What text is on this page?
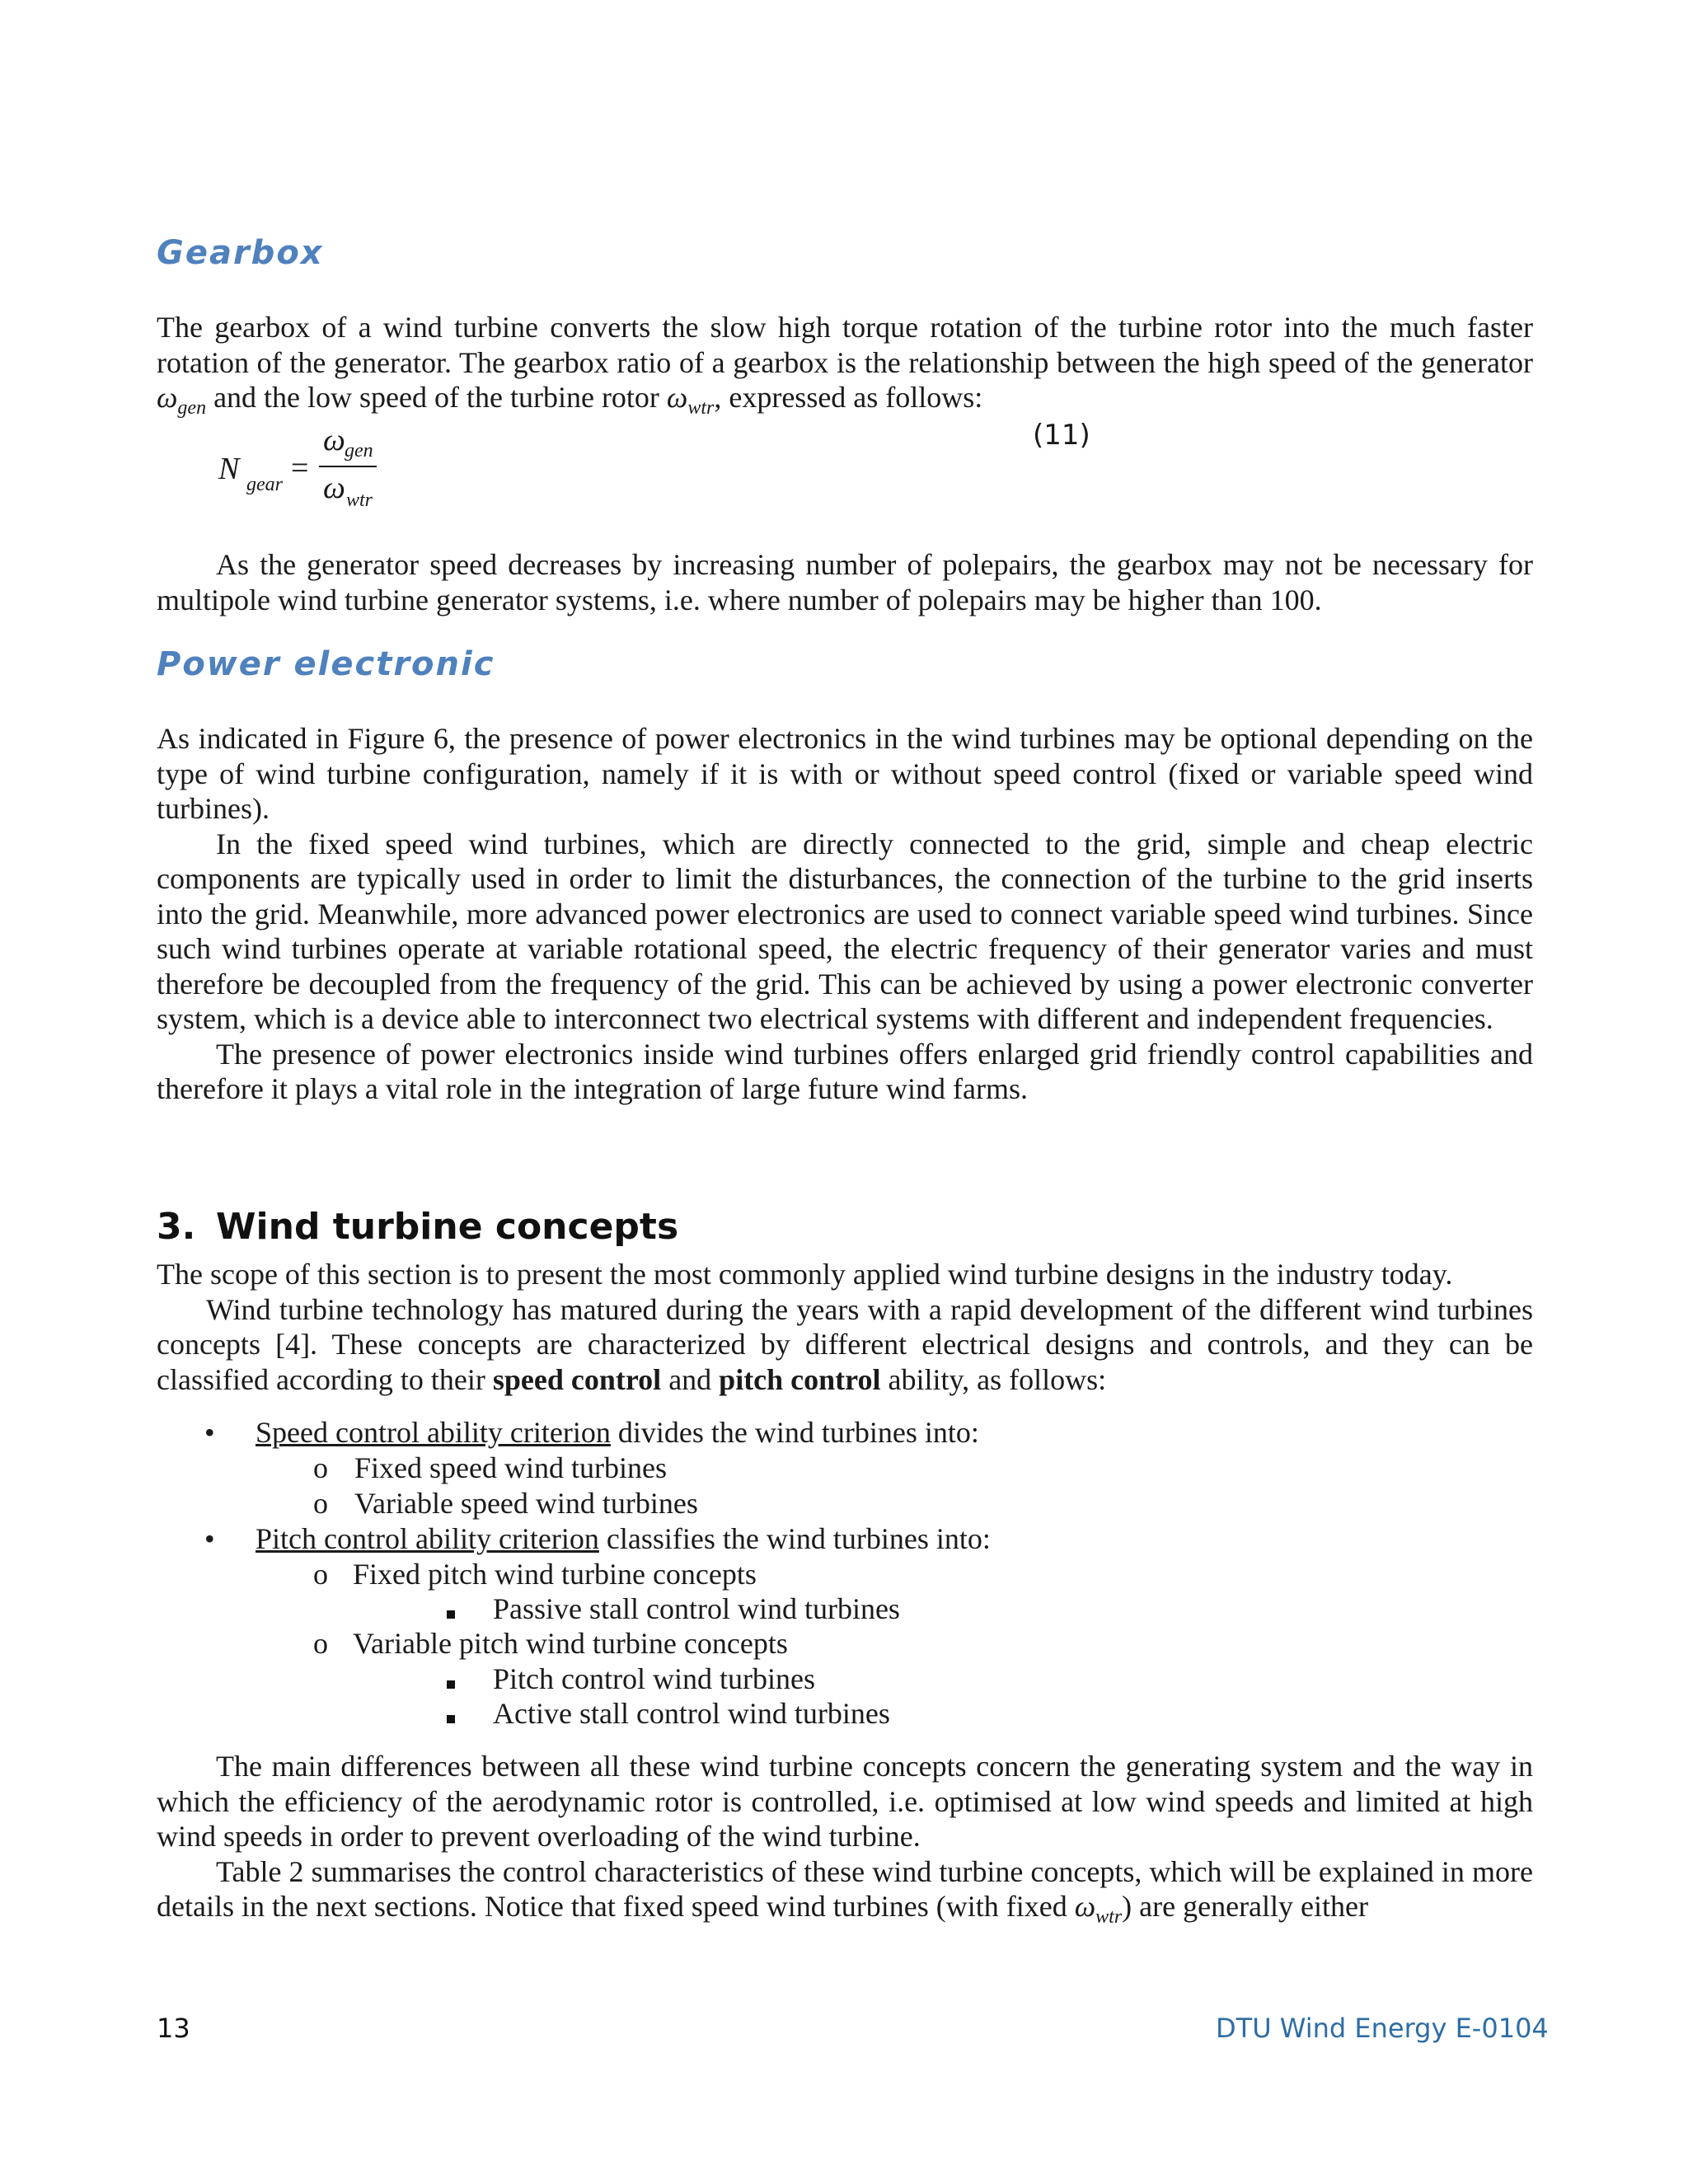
Gearbox

The gearbox of a wind turbine converts the slow high torque rotation of the turbine rotor into the much faster rotation of the generator. The gearbox ratio of a gearbox is the relationship between the high speed of the generator $\omega_{gen}$ and the low speed of the turbine rotor $\omega_{wtr}$, expressed as follows:

N gear =
ω gen
ω wtr
(11)

As the generator speed decreases by increasing number of polepairs, the gearbox may not be necessary for multipole wind turbine generator systems, i.e. where number of polepairs may be higher than 100.

Power electronic

As indicated in Figure 6, the presence of power electronics in the wind turbines may be optional depending on the type of wind turbine configuration, namely if it is with or without speed control (fixed or variable speed wind turbines).

In the fixed speed wind turbines, which are directly connected to the grid, simple and cheap electric components are typically used in order to limit the disturbances, the connection of the turbine to the grid inserts into the grid. Meanwhile, more advanced power electronics are used to connect variable speed wind turbines. Since such wind turbines operate at variable rotational speed, the electric frequency of their generator varies and must therefore be decoupled from the frequency of the grid. This can be achieved by using a power electronic converter system, which is a device able to interconnect two electrical systems with different and independent frequencies.

The presence of power electronics inside wind turbines offers enlarged grid friendly control capabilities and therefore it plays a vital role in the integration of large future wind farms.

3. Wind turbine concepts

The scope of this section is to present the most commonly applied wind turbine designs in the industry today.

Wind turbine technology has matured during the years with a rapid development of the different wind turbines concepts [4]. These concepts are characterized by different electrical designs and controls, and they can be classified according to their speed control and pitch control ability, as follows:

• Speed control ability criterion divides the wind turbines into:
o Fixed speed wind turbines
o Variable speed wind turbines
• Pitch control ability criterion classifies the wind turbines into:
o Fixed pitch wind turbine concepts
Passive stall control wind turbines
o Variable pitch wind turbine concepts
Pitch control wind turbines
Active stall control wind turbines

The main differences between all these wind turbine concepts concern the generating system and the way in which the efficiency of the aerodynamic rotor is controlled, i.e. optimised at low wind speeds and limited at high wind speeds in order to prevent overloading of the wind turbine.

Table 2 summarises the control characteristics of these wind turbine concepts, which will be explained in more details in the next sections. Notice that fixed speed wind turbines (with fixed $\omega_{wtr}$) are generally either

13	DTU Wind Energy E-0104
